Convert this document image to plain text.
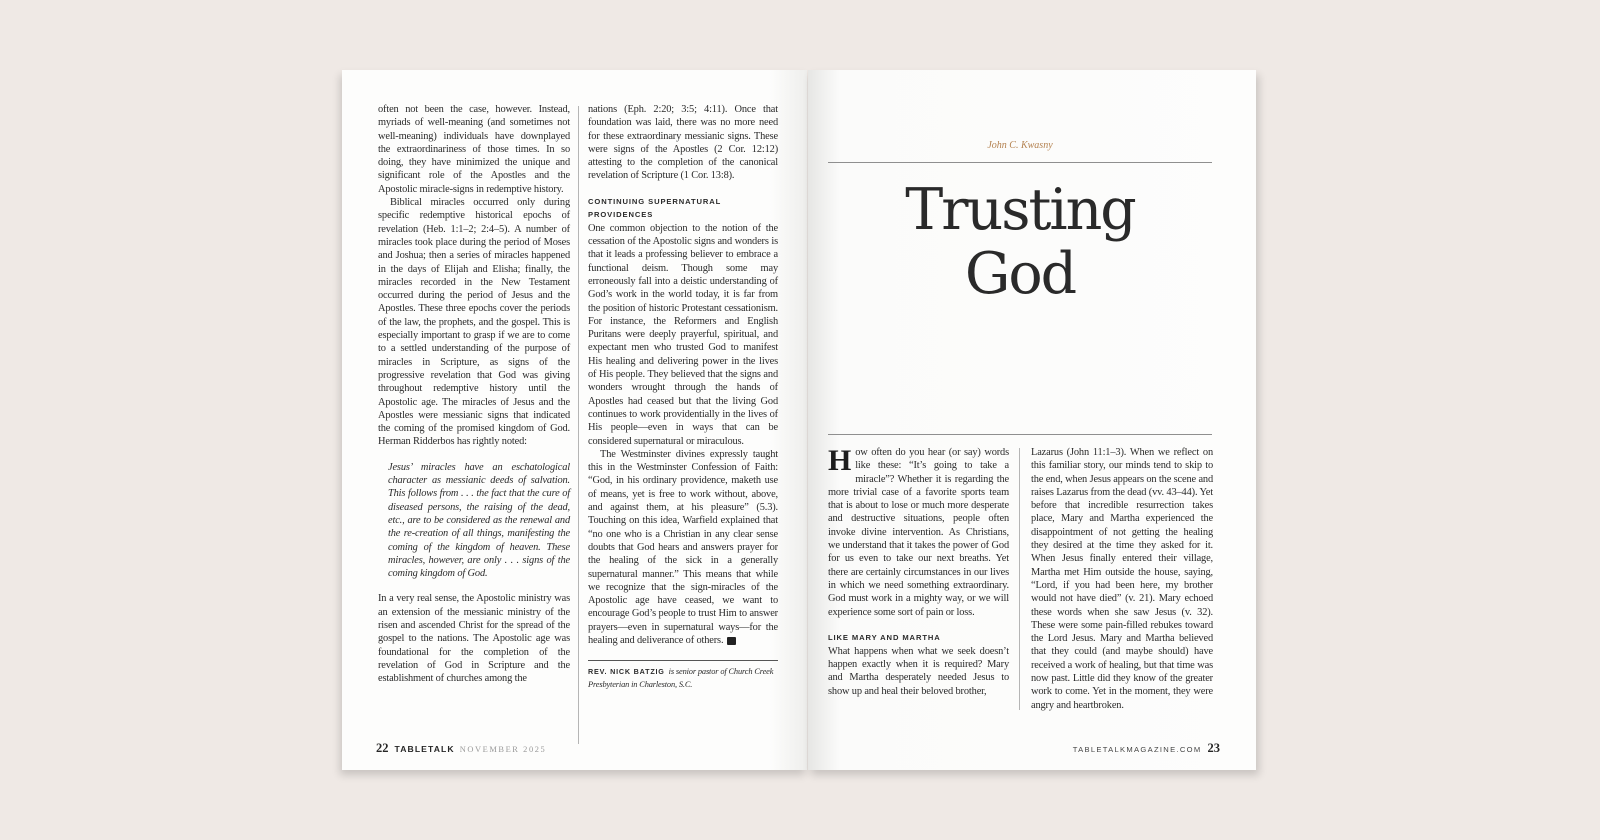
often not been the case, however. Instead, myriads of well-meaning (and sometimes not well-meaning) individuals have downplayed the extraordinariness of those times. In so doing, they have minimized the unique and significant role of the Apostles and the Apostolic miracle-signs in redemptive history.

Biblical miracles occurred only during specific redemptive historical epochs of revelation (Heb. 1:1–2; 2:4–5). A number of miracles took place during the period of Moses and Joshua; then a series of miracles happened in the days of Elijah and Elisha; finally, the miracles recorded in the New Testament occurred during the period of Jesus and the Apostles. These three epochs cover the periods of the law, the prophets, and the gospel. This is especially important to grasp if we are to come to a settled understanding of the purpose of miracles in Scripture, as signs of the progressive revelation that God was giving throughout redemptive history until the Apostolic age. The miracles of Jesus and the Apostles were messianic signs that indicated the coming of the promised kingdom of God. Herman Ridderbos has rightly noted:

Jesus’ miracles have an eschatological character as messianic deeds of salvation. This follows from . . . the fact that the cure of diseased persons, the raising of the dead, etc., are to be considered as the renewal and the re-creation of all things, manifesting the coming of the kingdom of heaven. These miracles, however, are only . . . signs of the coming kingdom of God.

In a very real sense, the Apostolic ministry was an extension of the messianic ministry of the risen and ascended Christ for the spread of the gospel to the nations. The Apostolic age was foundational for the completion of the revelation of God in Scripture and the establishment of churches among the

nations (Eph. 2:20; 3:5; 4:11). Once that foundation was laid, there was no more need for these extraordinary messianic signs. These were signs of the Apostles (2 Cor. 12:12) attesting to the completion of the canonical revelation of Scripture (1 Cor. 13:8).

CONTINUING SUPERNATURAL PROVIDENCES

One common objection to the notion of the cessation of the Apostolic signs and wonders is that it leads a professing believer to embrace a functional deism. Though some may erroneously fall into a deistic understanding of God’s work in the world today, it is far from the position of historic Protestant cessationism. For instance, the Reformers and English Puritans were deeply prayerful, spiritual, and expectant men who trusted God to manifest His healing and delivering power in the lives of His people. They believed that the signs and wonders wrought through the hands of Apostles had ceased but that the living God continues to work providentially in the lives of His people—even in ways that can be considered supernatural or miraculous.

The Westminster divines expressly taught this in the Westminster Confession of Faith: “God, in his ordinary providence, maketh use of means, yet is free to work without, above, and against them, at his pleasure” (5.3). Touching on this idea, Warfield explained that “no one who is a Christian in any clear sense doubts that God hears and answers prayer for the healing of the sick in a generally supernatural manner.” This means that while we recognize that the sign-miracles of the Apostolic age have ceased, we want to encourage God’s people to trust Him to answer prayers—even in supernatural ways—for the healing and deliverance of others.

REV. NICK BATZIG is senior pastor of Church Creek Presbyterian in Charleston, S.C.

22 TABLETALK NOVEMBER 2025
John C. Kwasny
Trusting
God

How often do you hear (or say) words like these: “It’s going to take a miracle”? Whether it is regarding the more trivial case of a favorite sports team that is about to lose or much more desperate and destructive situations, people often invoke divine intervention. As Christians, we understand that it takes the power of God for us even to take our next breaths. Yet there are certainly circumstances in our lives in which we need something extraordinary. God must work in a mighty way, or we will experience some sort of pain or loss.

LIKE MARY AND MARTHA

What happens when what we seek doesn’t happen exactly when it is required? Mary and Martha desperately needed Jesus to show up and heal their beloved brother,

Lazarus (John 11:1–3). When we reflect on this familiar story, our minds tend to skip to the end, when Jesus appears on the scene and raises Lazarus from the dead (vv. 43–44). Yet before that incredible resurrection takes place, Mary and Martha experienced the disappointment of not getting the healing they desired at the time they asked for it. When Jesus finally entered their village, Martha met Him outside the house, saying, “Lord, if you had been here, my brother would not have died” (v. 21). Mary echoed these words when she saw Jesus (v. 32). These were some pain-filled rebukes toward the Lord Jesus. Mary and Martha believed that they could (and maybe should) have received a work of healing, but that time was now past. Little did they know of the greater work to come. Yet in the moment, they were angry and heartbroken.

TABLETALKMAGAZINE.COM 23
